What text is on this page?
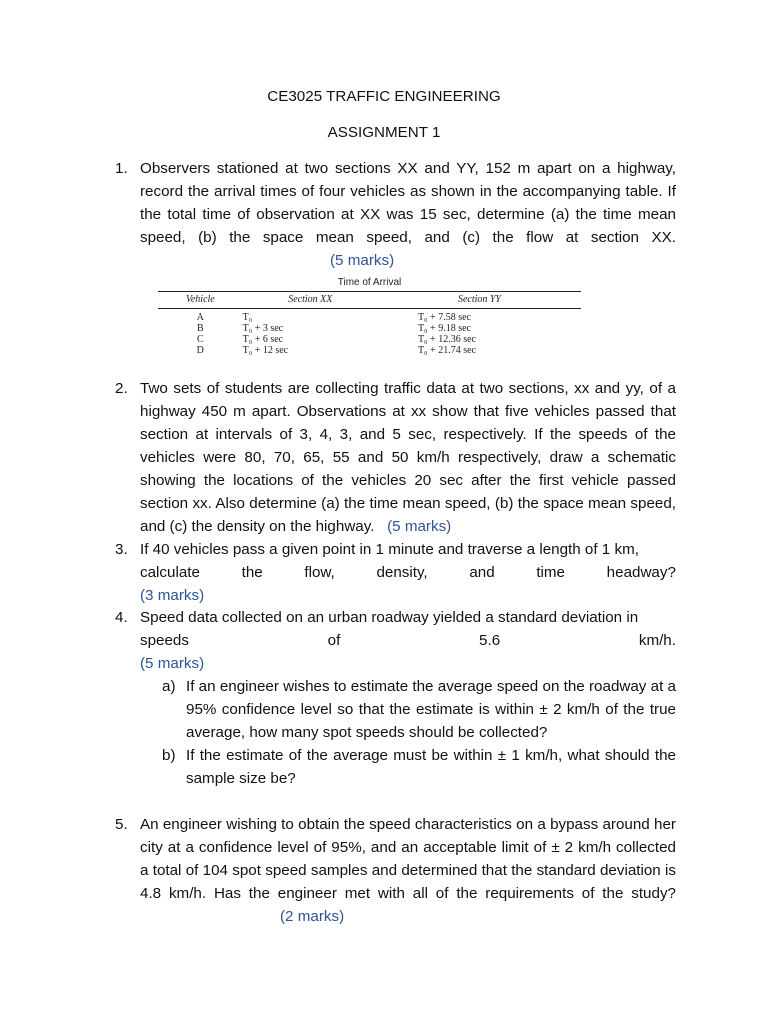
CE3025 TRAFFIC ENGINEERING
ASSIGNMENT 1
1. Observers stationed at two sections XX and YY, 152 m apart on a highway, record the arrival times of four vehicles as shown in the accompanying table. If the total time of observation at XX was 15 sec, determine (a) the time mean speed, (b) the space mean speed, and (c) the flow at section XX. (5 marks)
Time of Arrival
Vehicle	Section XX	Section YY
A	T₀	T₀ + 7.58 sec
B	T₀ + 3 sec	T₀ + 9.18 sec
C	T₀ + 6 sec	T₀ + 12.36 sec
D	T₀ + 12 sec	T₀ + 21.74 sec
2. Two sets of students are collecting traffic data at two sections, xx and yy, of a highway 450 m apart. Observations at xx show that five vehicles passed that section at intervals of 3, 4, 3, and 5 sec, respectively. If the speeds of the vehicles were 80, 70, 65, 55 and 50 km/h respectively, draw a schematic showing the locations of the vehicles 20 sec after the first vehicle passed section xx. Also determine (a) the time mean speed, (b) the space mean speed, and (c) the density on the highway. (5 marks)
3. If 40 vehicles pass a given point in 1 minute and traverse a length of 1 km,
calculate	the	flow,	density,	and	time	headway?
(3 marks)
4. Speed data collected on an urban roadway yielded a standard deviation in
speeds	of	5.6	km/h.
(5 marks)
a) If an engineer wishes to estimate the average speed on the roadway at a 95% confidence level so that the estimate is within ± 2 km/h of the true average, how many spot speeds should be collected?
b) If the estimate of the average must be within ± 1 km/h, what should the sample size be?
5. An engineer wishing to obtain the speed characteristics on a bypass around her city at a confidence level of 95%, and an acceptable limit of ± 2 km/h collected a total of 104 spot speed samples and determined that the standard deviation is 4.8 km/h. Has the engineer met with all of the requirements of the study? (2 marks)
